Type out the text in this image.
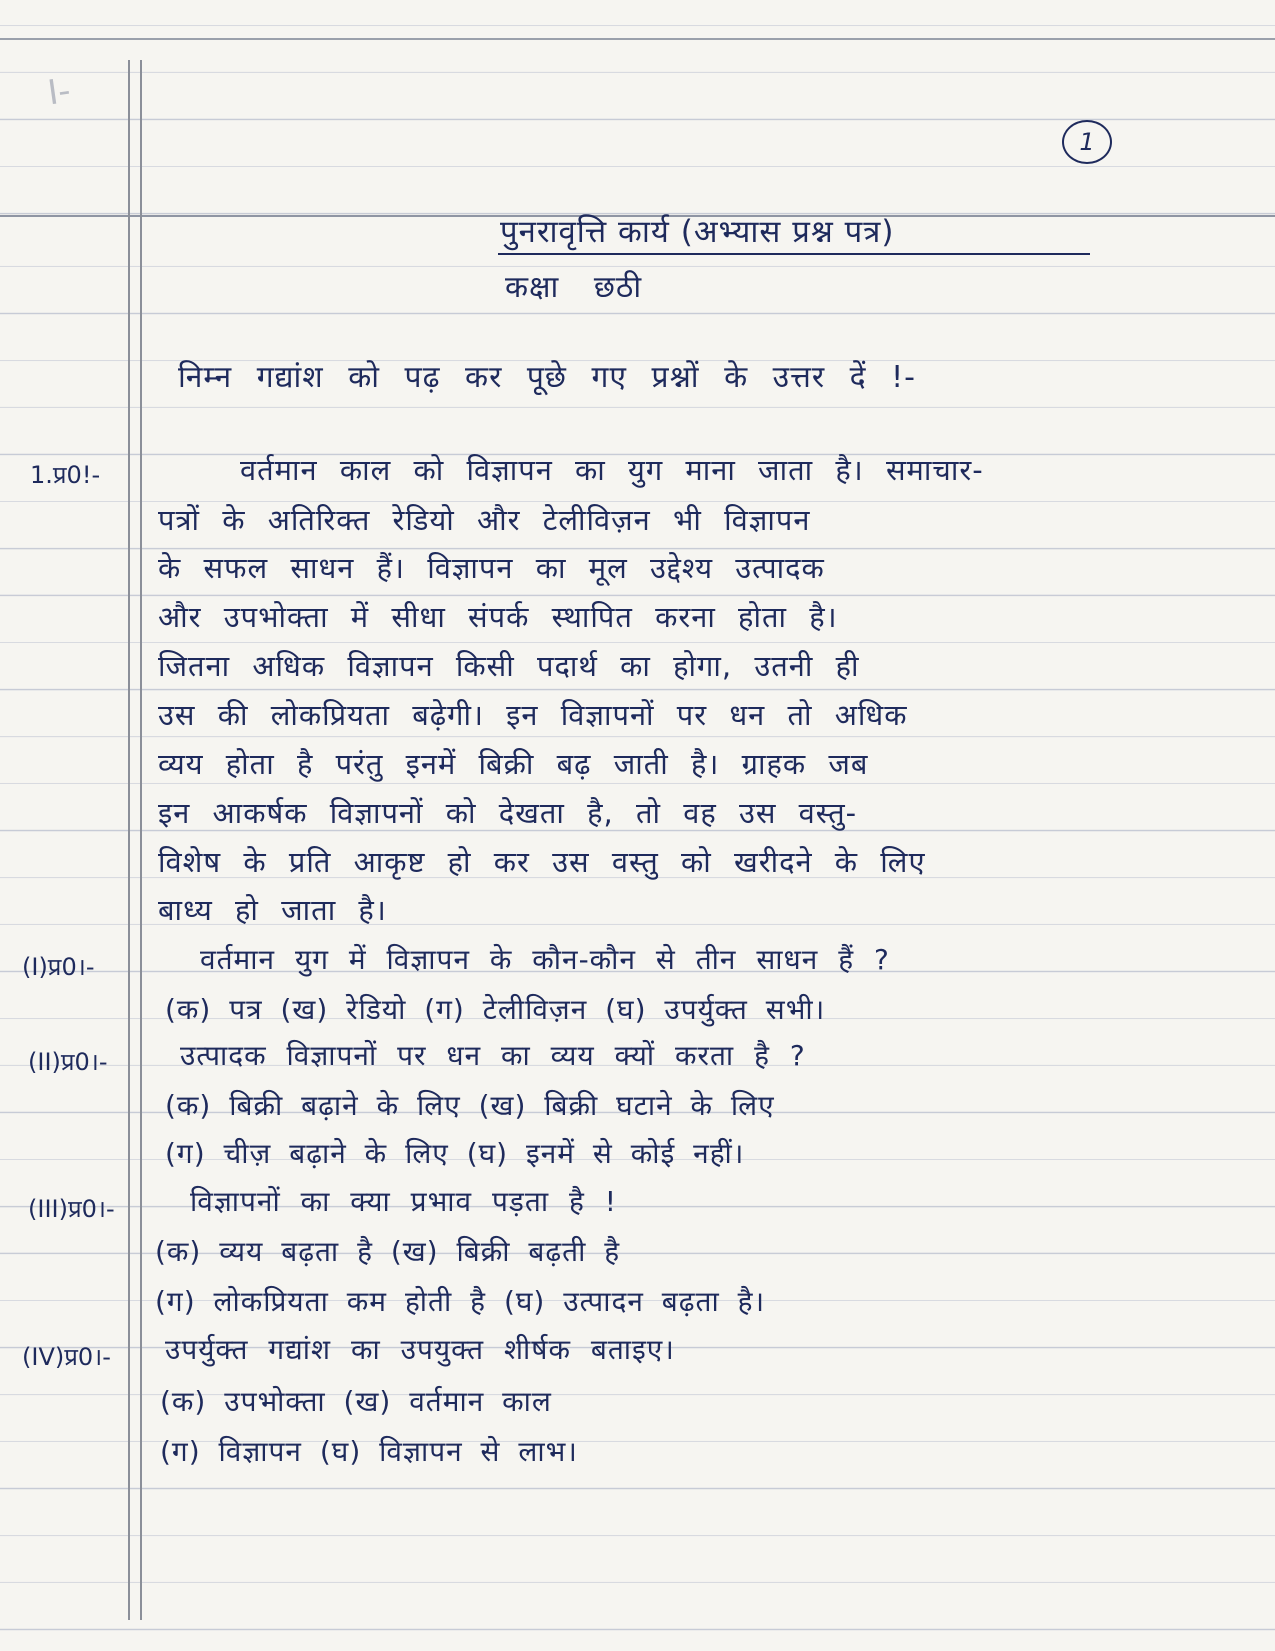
I-
1
पुनरावृत्ति कार्य (अभ्यास प्रश्न पत्र)
कक्षा छठी
निम्न गद्यांश को पढ़ कर पूछे गए प्रश्नों के उत्तर दें !-
1.प्र0!-	वर्तमान काल को विज्ञापन का युग माना जाता है। समाचार-
पत्रों के अतिरिक्त रेडियो और टेलीविज़न भी विज्ञापन
के सफल साधन हैं। विज्ञापन का मूल उद्देश्य उत्पादक
और उपभोक्ता में सीधा संपर्क स्थापित करना होता है।
जितना अधिक विज्ञापन किसी पदार्थ का होगा, उतनी ही
उस की लोकप्रियता बढ़ेगी। इन विज्ञापनों पर धन तो अधिक
व्यय होता है परंतु इनमें बिक्री बढ़ जाती है। ग्राहक जब
इन आकर्षक विज्ञापनों को देखता है, तो वह उस वस्तु-
विशेष के प्रति आकृष्ट हो कर उस वस्तु को खरीदने के लिए
बाध्य हो जाता है।
(I)प्र0।-	वर्तमान युग में विज्ञापन के कौन-कौन से तीन साधन हैं ?
(क) पत्र (ख) रेडियो (ग) टेलीविज़न (घ) उपर्युक्त सभी।
(II)प्र0।-	उत्पादक विज्ञापनों पर धन का व्यय क्यों करता है ?
(क) बिक्री बढ़ाने के लिए (ख) बिक्री घटाने के लिए
(ग) चीज़ बढ़ाने के लिए (घ) इनमें से कोई नहीं।
(III)प्र0।-	विज्ञापनों का क्या प्रभाव पड़ता है !
(क) व्यय बढ़ता है (ख) बिक्री बढ़ती है
(ग) लोकप्रियता कम होती है (घ) उत्पादन बढ़ता है।
(IV)प्र0।- उपर्युक्त गद्यांश का उपयुक्त शीर्षक बताइए।
(क) उपभोक्ता (ख) वर्तमान काल
(ग) विज्ञापन (घ) विज्ञापन से लाभ।
